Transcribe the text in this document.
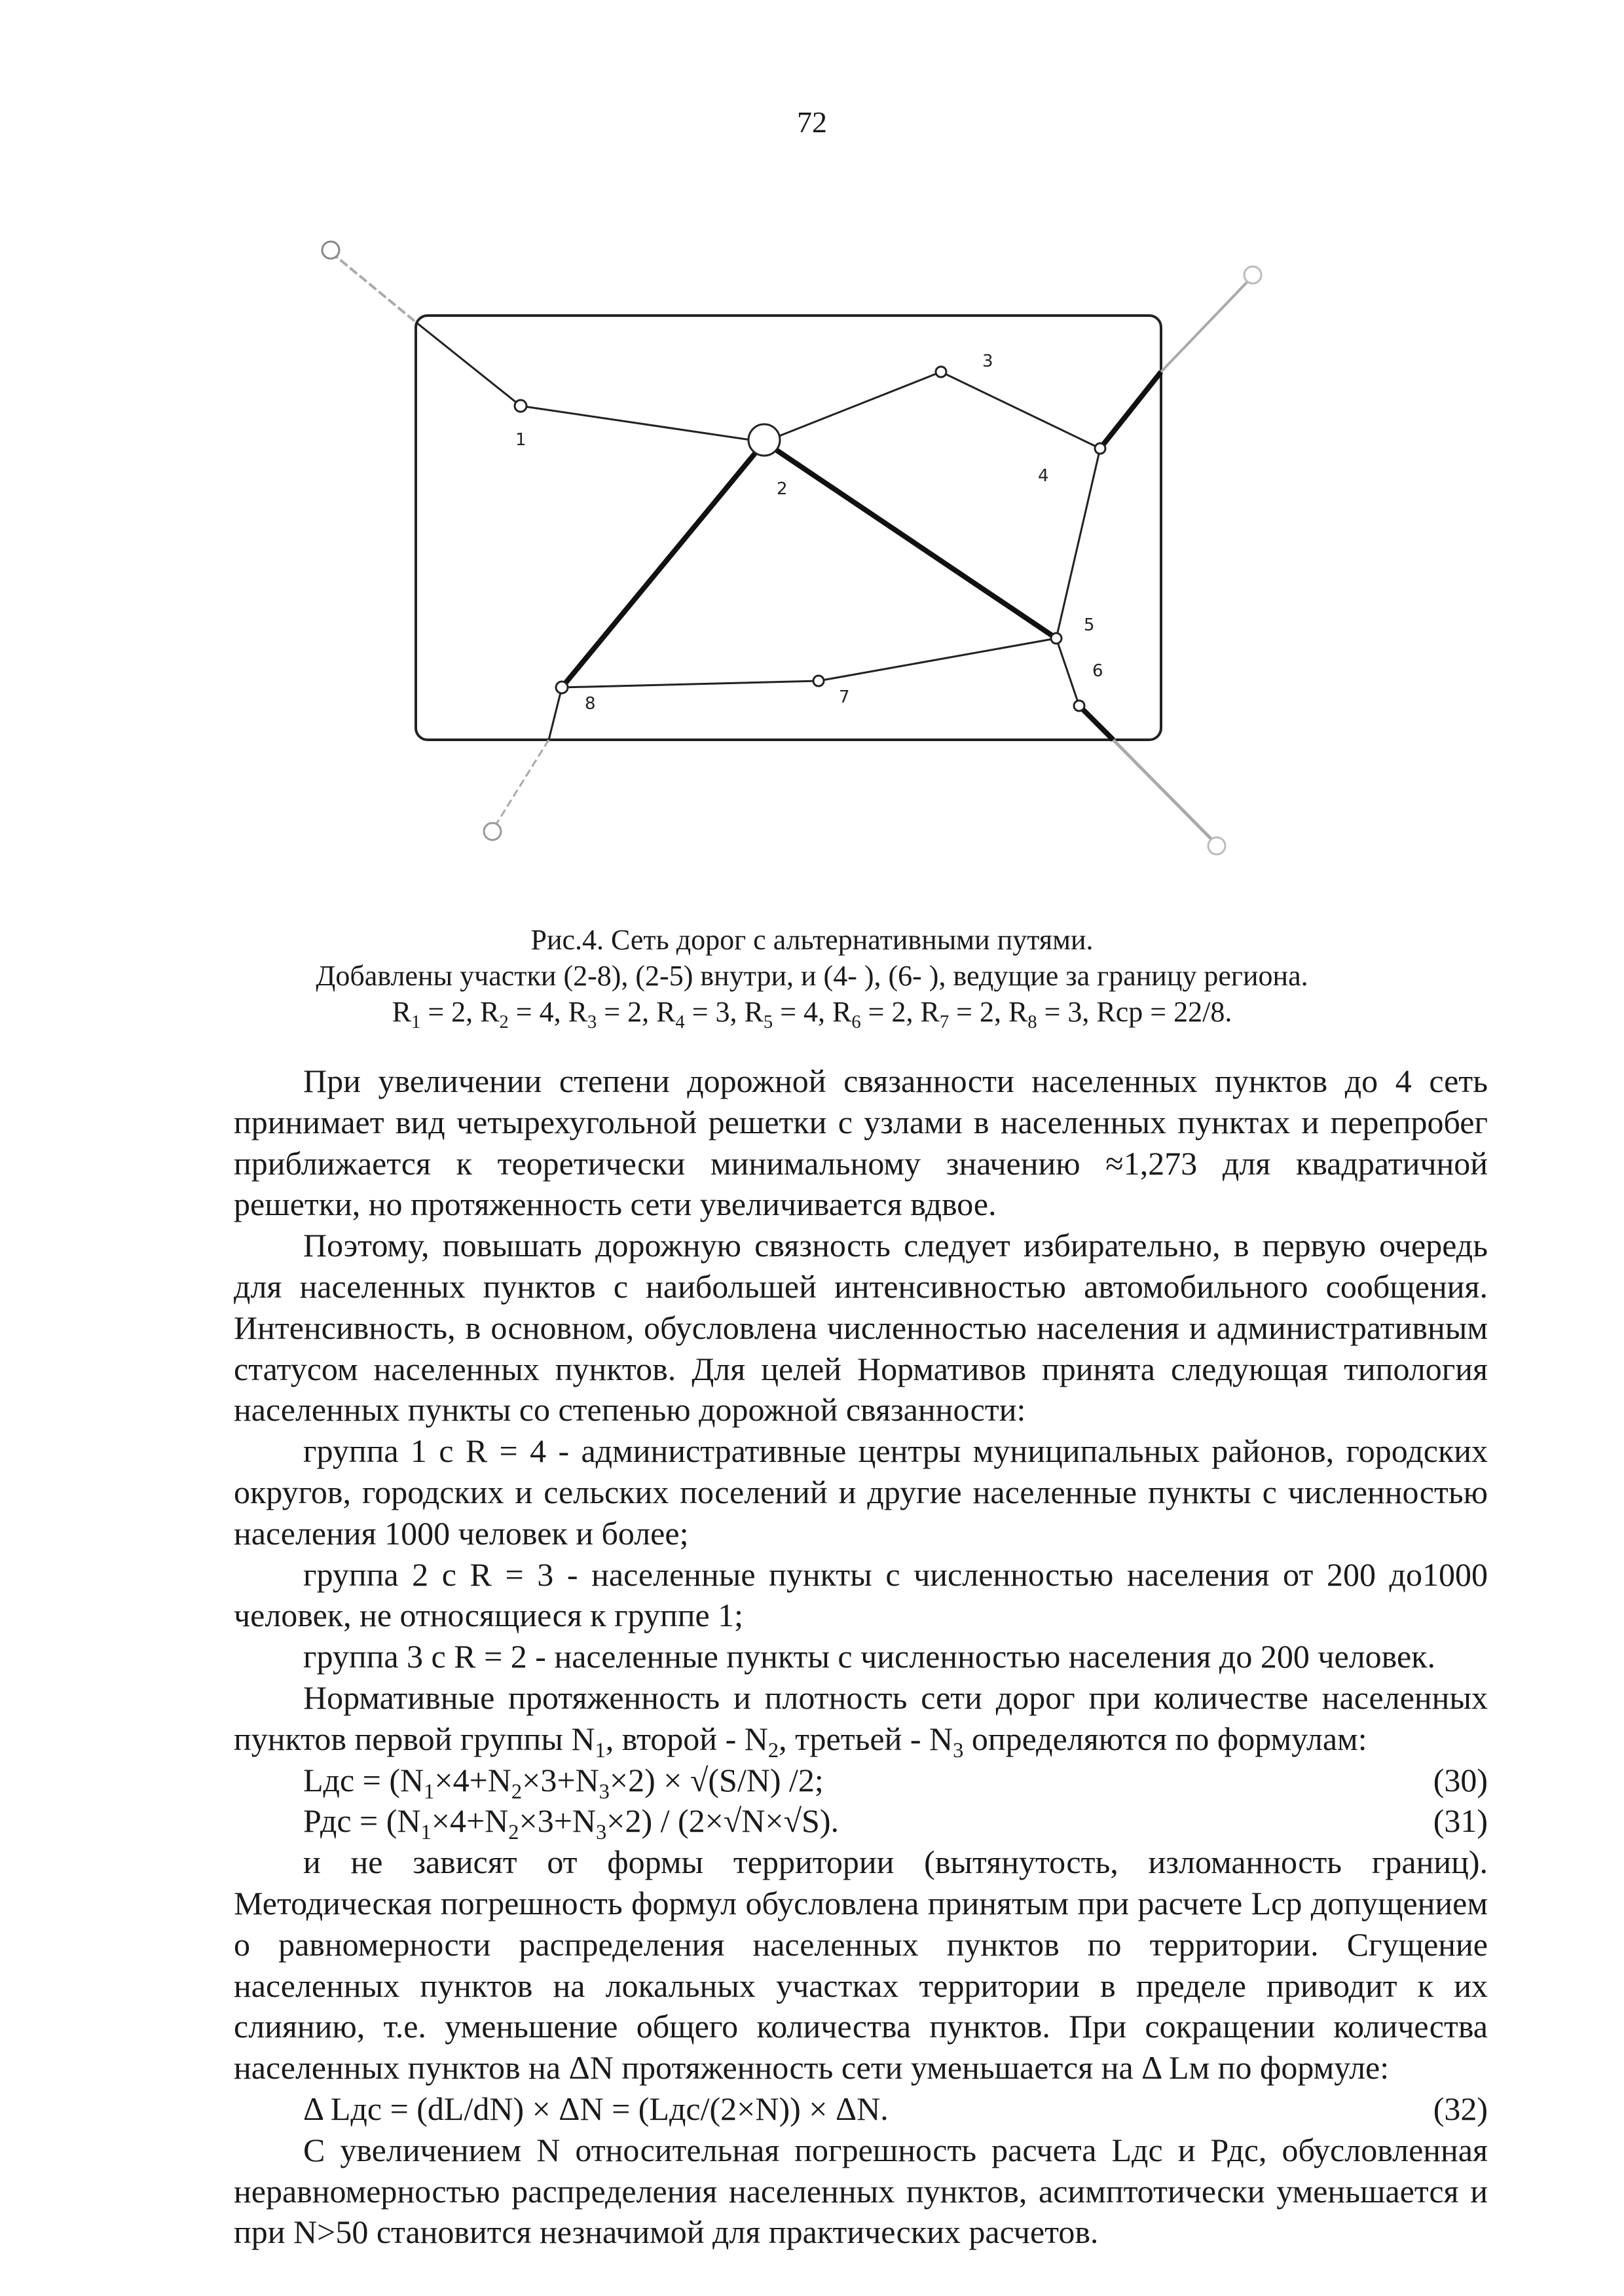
72
1
2
3
4
5
6
7
8
Рис.4. Сеть дорог с альтернативными путями.
Добавлены участки (2-8), (2-5) внутри, и (4- ), (6- ), ведущие за границу региона.
$R_1 = 2$, $R_2 = 4$, $R_3 = 2$, $R_4 = 3$, $R_5 = 4$, $R_6 = 2$, $R_7 = 2$, $R_8 = 3$, Rср = 22/8.

При увеличении степени дорожной связанности населенных пунктов до 4 сеть принимает вид четырехугольной решетки с узлами в населенных пунктах и перепробег приближается к теоретически минимальному значению ≈1,273 для квадратичной решетки, но протяженность сети увеличивается вдвое.

Поэтому, повышать дорожную связность следует избирательно, в первую очередь для населенных пунктов с наибольшей интенсивностью автомобильного сообщения. Интенсивность, в основном, обусловлена численностью населения и административным статусом населенных пунктов. Для целей Нормативов принята следующая типология населенных пункты со степенью дорожной связанности:

группа 1 с R = 4 - административные центры муниципальных районов, городских округов, городских и сельских поселений и другие населенные пункты с численностью населения 1000 человек и более;

группа 2 с R = 3 - населенные пункты с численностью населения от 200 до1000 человек, не относящиеся к группе 1;

группа 3 с R = 2 - населенные пункты с численностью населения до 200 человек.

Нормативные протяженность и плотность сети дорог при количестве населенных пунктов первой группы $N_1$, второй - $N_2$, третьей - $N_3$ определяются по формулам:

Lдс = $(N_1\times 4+N_2\times 3+N_3\times 2) \times √(S/N)$ /2;	(30)
Рдс = $(N_1\times 4+N_2\times 3+N_3\times 2) / (2\times√N\times√S)$.	(31)

и не зависят от формы территории (вытянутость, изломанность границ). Методическая погрешность формул обусловлена принятым при расчете Lср допущением о равномерности распределения населенных пунктов по территории. Сгущение населенных пунктов на локальных участках территории в пределе приводит к их слиянию, т.е. уменьшение общего количества пунктов. При сокращении количества населенных пунктов на ΔN протяженность сети уменьшается на Δ Lм по формуле:

Δ Lдс = (dL/dN) × ΔN = (Lдс/(2×N)) × ΔN.	(32)

С увеличением N относительная погрешность расчета Lдс и Рдс, обусловленная неравномерностью распределения населенных пунктов, асимптотически уменьшается и при N>50 становится незначимой для практических расчетов.
